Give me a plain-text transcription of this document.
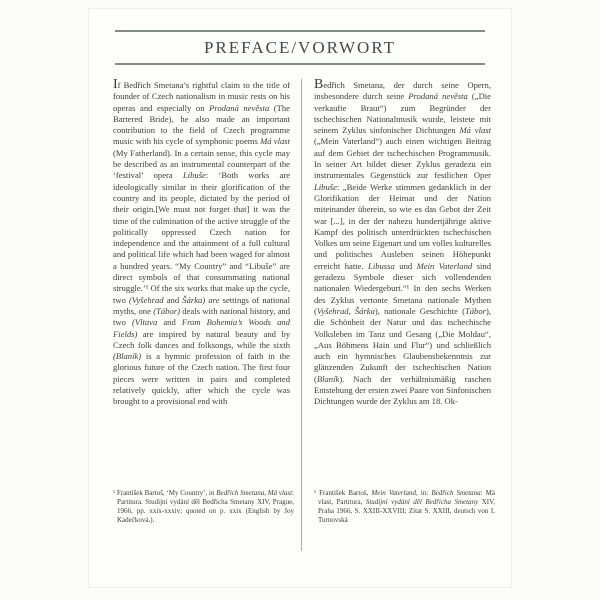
PREFACE/VORWORT

If Bedřich Smetana’s rightful claim to the title of founder of Czech nationalism in music rests on his operas and especially on Prodaná nevěsta (The Bartered Bride), he also made an important contribution to the field of Czech programme music with his cycle of symphonic poems Má vlast (My Fatherland). In a certain sense, this cycle may be described as an instrumental counterpart of the ‘festival’ opera Libuše: ‘Both works are ideologically similar in their glorification of the country and its people, dictated by the period of their origin.[We must not forget that] it was the time of the culmination of the active struggle of the politically oppressed Czech nation for independence and the attainment of a full cultural and political life which had been waged for almost a hundred years. “My Country” and “Libuše” are direct symbols of that consummating national struggle.’¹ Of the six works that make up the cycle, two (Vyšehrad and Šárka) are settings of national myths, one (Tábor) deals with national history, and two (Vltava and From Bohemia’s Woods and Fields) are inspired by natural beauty and by Czech folk dances and folksongs, while the sixth (Blaník) is a hymnic profession of faith in the glorious future of the Czech nation. The first four pieces were written in pairs and completed relatively quickly, after which the cycle was brought to a provisional end with

Bedřich Smetana, der durch seine Opern, insbesondere durch seine Prodaná nevěsta („Die verkaufte Braut“) zum Begründer der tschechischen Nationalmusik wurde, leistete mit seinem Zyklus sinfonischer Dichtungen Má vlast („Mein Vaterland“) auch einen wichtigen Beitrag auf dem Gebiet der tschechischen Programmusik. In seiner Art bildet dieser Zyklus geradezu ein instrumentales Gegenstück zur festlichen Oper Libuše: „Beide Werke stimmen gedanklich in der Glorifikation der Heimat und der Nation miteinander überein, so wie es das Gebot der Zeit war [...], in der der nahezu hundertjährige aktive Kampf des politisch unterdrückten tschechischen Volkes um seine Eigenart und um volles kulturelles und politisches Ausleben seinen Höhepunkt erreicht hatte. Libussa und Mein Vaterland sind geradezu Symbole dieser sich vollendenden nationalen Wiedergeburt.“¹ In den sechs Werken des Zyklus vertonte Smetana nationale Mythen (Vyšehrad, Šárka), nationale Geschichte (Tábor), die Schönheit der Natur und das tschechische Volksleben im Tanz und Gesang („Die Moldau“, „Aus Böhmens Hain und Flur“) und schließlich auch ein hymnisches Glaubensbekenntnis zur glänzenden Zukunft der tschechischen Nation (Blaník). Nach der verhältnismäßig raschen Entstehung der ersten zwei Paare von Sinfonischen Dichtungen wurde der Zyklus am 18. Ok-

¹ František Bartoš, ‘My Country’, in Bedřich Smetana, Má vlast: Partitura. Studijní vydání děl Bedřicha Smetany XIV, Prague, 1966, pp. xxix-xxxiv; quoted on p. xxix (English by Joy Kadečková.).
¹ František Bartoš, Mein Vaterland, in: Bedřich Smetana: Má vlast, Partitura, Studijní vydání děl Bedřicha Smetany XIV, Praha 1966, S. XXIII-XXVIII; Zitat S. XXIII, deutsch von I. Turnovská
